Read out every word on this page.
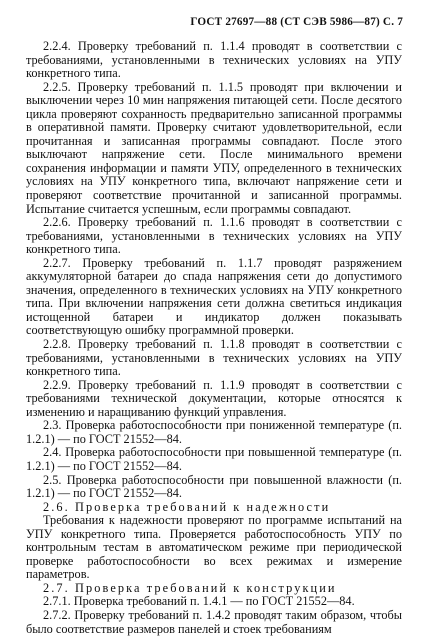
ГОСТ 27697—88 (СТ СЭВ 5986—87) С. 7

2.2.4. Проверку требований п. 1.1.4 проводят в соответствии с требованиями, установленными в технических условиях на УПУ конкретного типа.

2.2.5. Проверку требований п. 1.1.5 проводят при включении и выключении через 10 мин напряжения питающей сети. После десятого цикла проверяют сохранность предварительно записанной программы в оперативной памяти. Проверку считают удовлетворительной, если прочитанная и записанная программы совпадают. После этого выключают напряжение сети. После минимального времени сохранения информации и памяти УПУ, определенного в технических условиях на УПУ конкретного типа, включают напряжение сети и проверяют соответствие прочитанной и записанной программы. Испытание считается успешным, если программы совпадают.

2.2.6. Проверку требований п. 1.1.6 проводят в соответствии с требованиями, установленными в технических условиях на УПУ конкретного типа.

2.2.7. Проверку требований п. 1.1.7 проводят разряжением аккумуляторной батареи до спада напряжения сети до допустимого значения, определенного в технических условиях на УПУ конкретного типа. При включении напряжения сети должна светиться индикация истощенной батареи и индикатор должен показывать соответствующую ошибку программной проверки.

2.2.8. Проверку требований п. 1.1.8 проводят в соответствии с требованиями, установленными в технических условиях на УПУ конкретного типа.

2.2.9. Проверку требований п. 1.1.9 проводят в соответствии с требованиями технической документации, которые относятся к изменению и наращиванию функций управления.

2.3. Проверка работоспособности при пониженной температуре (п. 1.2.1) — по ГОСТ 21552—84.

2.4. Проверка работоспособности при повышенной температуре (п. 1.2.1) — по ГОСТ 21552—84.

2.5. Проверка работоспособности при повышенной влажности (п. 1.2.1) — по ГОСТ 21552—84.

2.6. Проверка требований к надежности

Требования к надежности проверяют по программе испытаний на УПУ конкретного типа. Проверяется работоспособность УПУ по контрольным тестам в автоматическом режиме при периодической проверке работоспособности во всех режимах и измерение параметров.

2.7. Проверка требований к конструкции

2.7.1. Проверка требований п. 1.4.1 — по ГОСТ 21552—84.

2.7.2. Проверку требований п. 1.4.2 проводят таким образом, чтобы было соответствие размеров панелей и стоек требованиям
